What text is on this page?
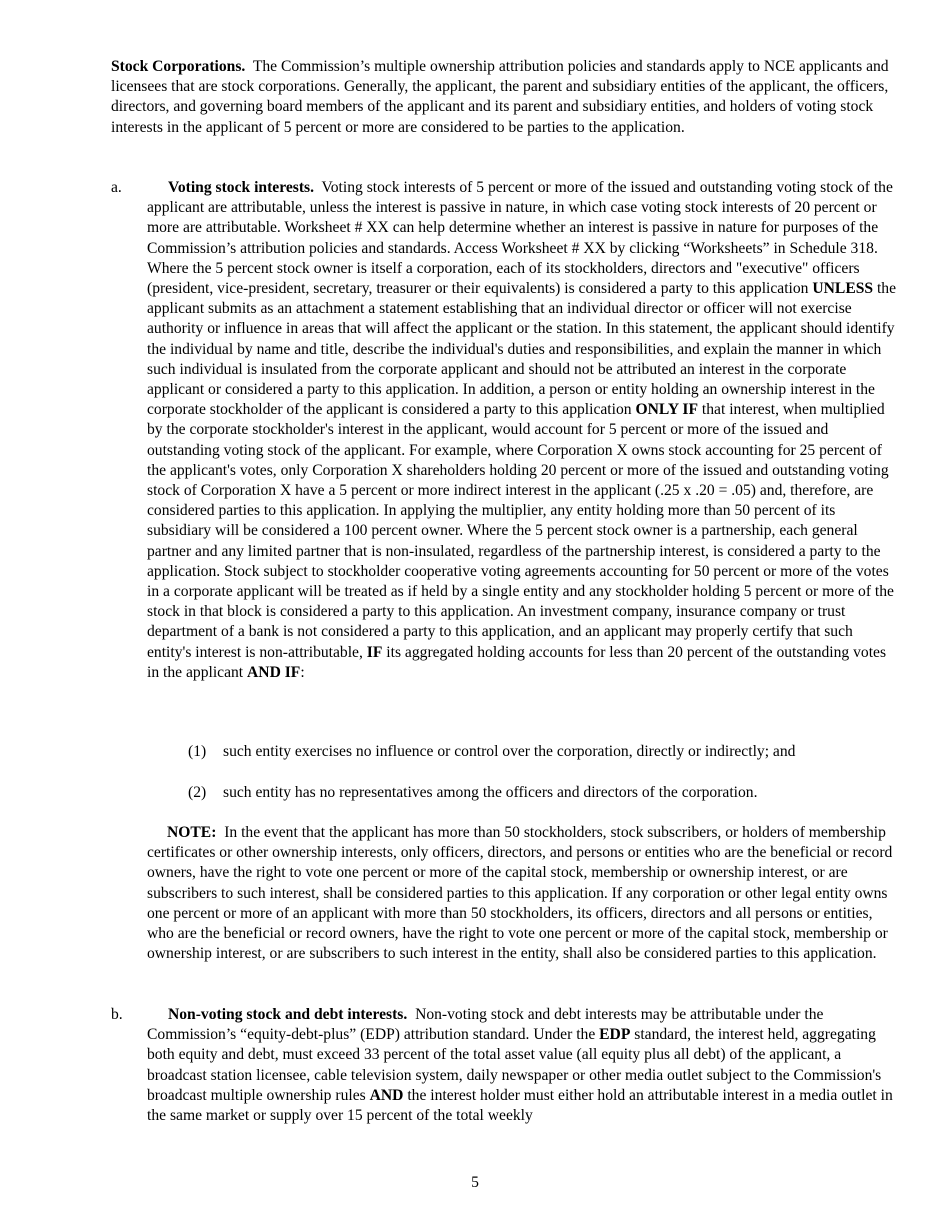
Stock Corporations. The Commission’s multiple ownership attribution policies and standards apply to NCE applicants and licensees that are stock corporations. Generally, the applicant, the parent and subsidiary entities of the applicant, the officers, directors, and governing board members of the applicant and its parent and subsidiary entities, and holders of voting stock interests in the applicant of 5 percent or more are considered to be parties to the application.

a.	Voting stock interests. Voting stock interests of 5 percent or more of the issued and outstanding voting stock of the applicant are attributable, unless the interest is passive in nature, in which case voting stock interests of 20 percent or more are attributable. Worksheet # XX can help determine whether an interest is passive in nature for purposes of the Commission’s attribution policies and standards. Access Worksheet # XX by clicking “Worksheets” in Schedule 318. Where the 5 percent stock owner is itself a corporation, each of its stockholders, directors and "executive" officers (president, vice-president, secretary, treasurer or their equivalents) is considered a party to this application UNLESS the applicant submits as an attachment a statement establishing that an individual director or officer will not exercise authority or influence in areas that will affect the applicant or the station. In this statement, the applicant should identify the individual by name and title, describe the individual's duties and responsibilities, and explain the manner in which such individual is insulated from the corporate applicant and should not be attributed an interest in the corporate applicant or considered a party to this application. In addition, a person or entity holding an ownership interest in the corporate stockholder of the applicant is considered a party to this application ONLY IF that interest, when multiplied by the corporate stockholder's interest in the applicant, would account for 5 percent or more of the issued and outstanding voting stock of the applicant. For example, where Corporation X owns stock accounting for 25 percent of the applicant's votes, only Corporation X shareholders holding 20 percent or more of the issued and outstanding voting stock of Corporation X have a 5 percent or more indirect interest in the applicant (.25 x .20 = .05) and, therefore, are considered parties to this application. In applying the multiplier, any entity holding more than 50 percent of its subsidiary will be considered a 100 percent owner. Where the 5 percent stock owner is a partnership, each general partner and any limited partner that is non-insulated, regardless of the partnership interest, is considered a party to the application. Stock subject to stockholder cooperative voting agreements accounting for 50 percent or more of the votes in a corporate applicant will be treated as if held by a single entity and any stockholder holding 5 percent or more of the stock in that block is considered a party to this application. An investment company, insurance company or trust department of a bank is not considered a party to this application, and an applicant may properly certify that such entity's interest is non-attributable, IF its aggregated holding accounts for less than 20 percent of the outstanding votes in the applicant AND IF:

(1) such entity exercises no influence or control over the corporation, directly or indirectly; and

(2) such entity has no representatives among the officers and directors of the corporation.

NOTE: In the event that the applicant has more than 50 stockholders, stock subscribers, or holders of membership certificates or other ownership interests, only officers, directors, and persons or entities who are the beneficial or record owners, have the right to vote one percent or more of the capital stock, membership or ownership interest, or are subscribers to such interest, shall be considered parties to this application. If any corporation or other legal entity owns one percent or more of an applicant with more than 50 stockholders, its officers, directors and all persons or entities, who are the beneficial or record owners, have the right to vote one percent or more of the capital stock, membership or ownership interest, or are subscribers to such interest in the entity, shall also be considered parties to this application.

b.	Non-voting stock and debt interests. Non-voting stock and debt interests may be attributable under the Commission’s “equity-debt-plus” (EDP) attribution standard. Under the EDP standard, the interest held, aggregating both equity and debt, must exceed 33 percent of the total asset value (all equity plus all debt) of the applicant, a broadcast station licensee, cable television system, daily newspaper or other media outlet subject to the Commission's broadcast multiple ownership rules AND the interest holder must either hold an attributable interest in a media outlet in the same market or supply over 15 percent of the total weekly

5
